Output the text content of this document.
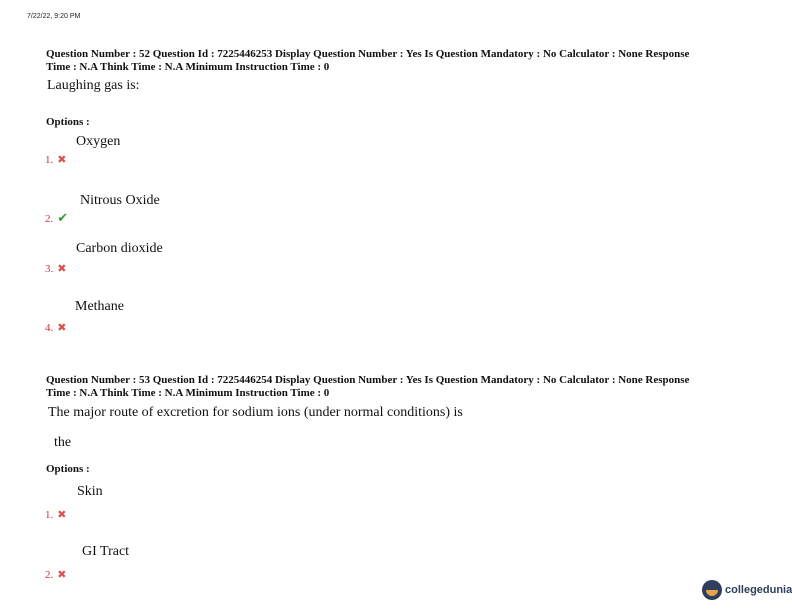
7/22/22, 9:20 PM
Question Number : 52 Question Id : 7225446253 Display Question Number : Yes Is Question Mandatory : No Calculator : None Response
Time : N.A Think Time : N.A Minimum Instruction Time : 0
Laughing gas is:
Options :
Oxygen
1. ✖
Nitrous Oxide
2. ✔
Carbon dioxide
3. ✖
Methane
4. ✖
Question Number : 53 Question Id : 7225446254 Display Question Number : Yes Is Question Mandatory : No Calculator : None Response
Time : N.A Think Time : N.A Minimum Instruction Time : 0
The major route of excretion for sodium ions (under normal conditions) is
the
Options :
Skin
1. ✖
GI Tract
2. ✖
collegedunia
